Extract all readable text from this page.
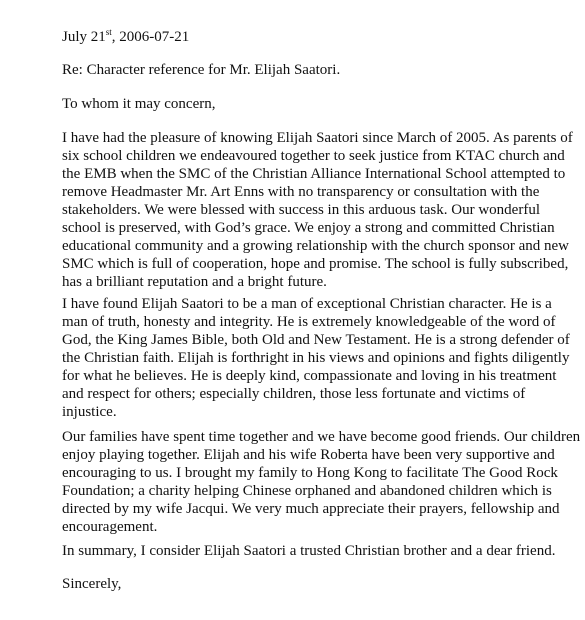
July 21st, 2006-07-21

Re: Character reference for Mr. Elijah Saatori.

To whom it may concern,

I have had the pleasure of knowing Elijah Saatori since March of 2005. As parents of
six school children we endeavoured together to seek justice from KTAC church and
the EMB when the SMC of the Christian Alliance International School attempted to
remove Headmaster Mr. Art Enns with no transparency or consultation with the
stakeholders. We were blessed with success in this arduous task. Our wonderful
school is preserved, with God’s grace. We enjoy a strong and committed Christian
educational community and a growing relationship with the church sponsor and new
SMC which is full of cooperation, hope and promise. The school is fully subscribed,
has a brilliant reputation and a bright future.
I have found Elijah Saatori to be a man of exceptional Christian character. He is a
man of truth, honesty and integrity. He is extremely knowledgeable of the word of
God, the King James Bible, both Old and New Testament. He is a strong defender of
the Christian faith. Elijah is forthright in his views and opinions and fights diligently
for what he believes. He is deeply kind, compassionate and loving in his treatment
and respect for others; especially children, those less fortunate and victims of
injustice.
Our families have spent time together and we have become good friends. Our children
enjoy playing together. Elijah and his wife Roberta have been very supportive and
encouraging to us. I brought my family to Hong Kong to facilitate The Good Rock
Foundation; a charity helping Chinese orphaned and abandoned children which is
directed by my wife Jacqui. We very much appreciate their prayers, fellowship and
encouragement.
In summary, I consider Elijah Saatori a trusted Christian brother and a dear friend.

Sincerely,
